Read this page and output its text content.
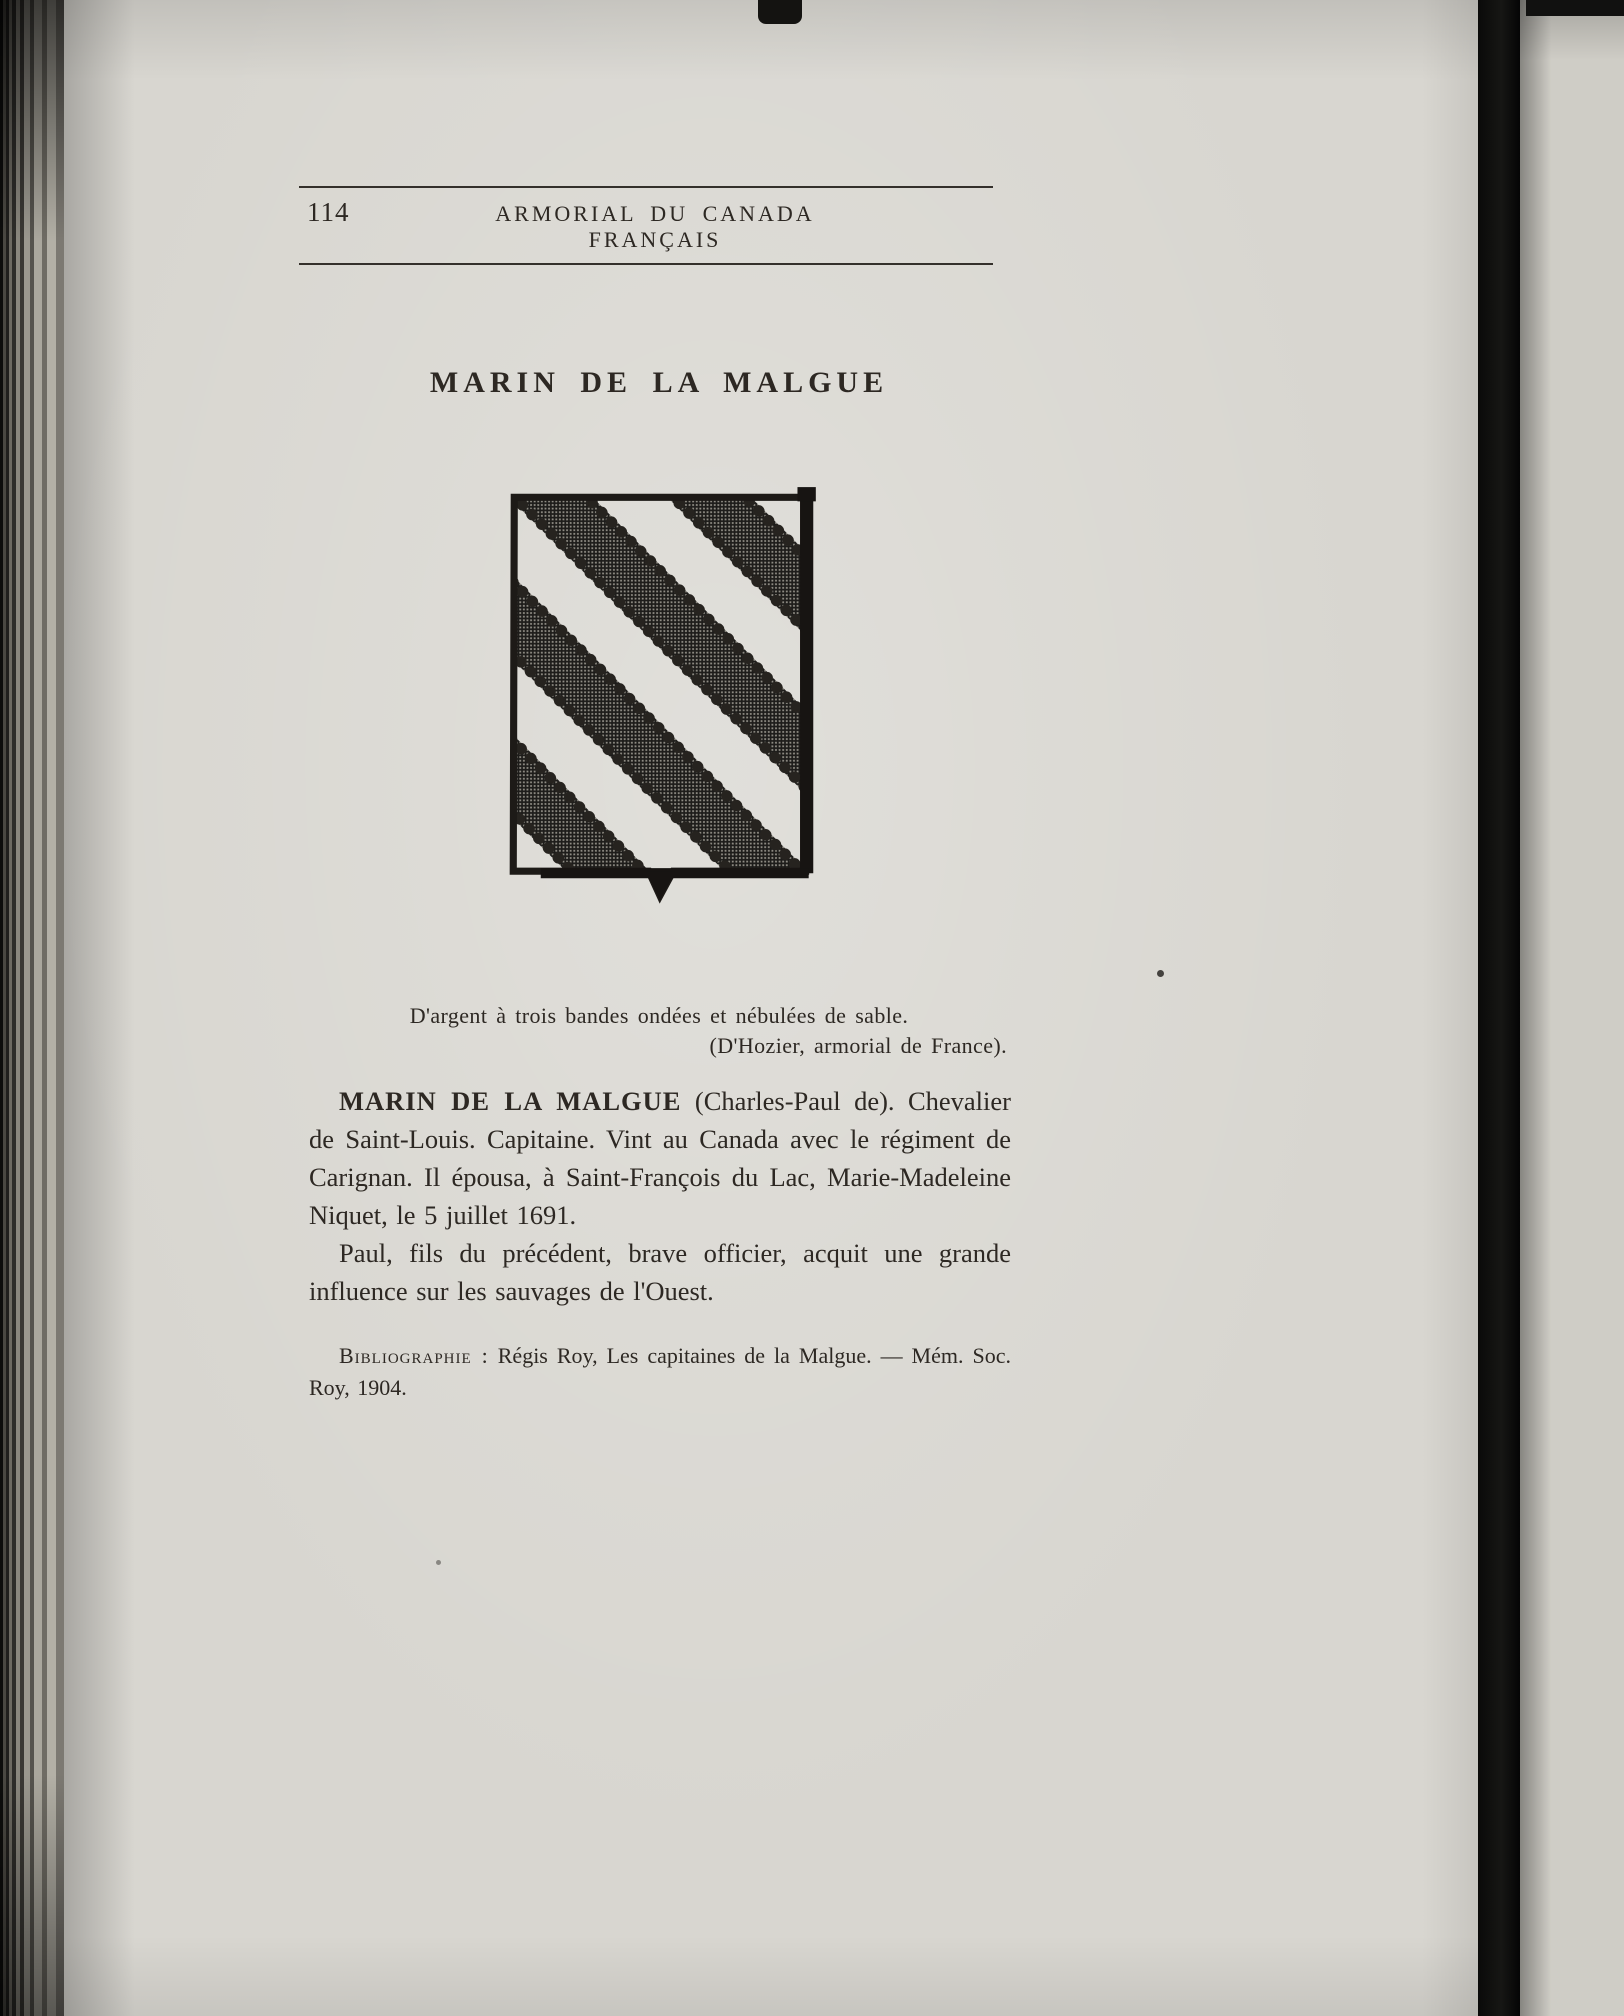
114	ARMORIAL DU CANADA FRANÇAIS
MARIN DE LA MALGUE

D'argent à trois bandes ondées et nébulées de sable.

(D'Hozier, armorial de France).

MARIN DE LA MALGUE (Charles-Paul de). Chevalier de Saint-Louis. Capitaine. Vint au Canada avec le régiment de Carignan. Il épousa, à Saint-François du Lac, Marie-Madeleine Niquet, le 5 juillet 1691.

Paul, fils du précédent, brave officier, acquit une grande influence sur les sauvages de l'Ouest.

Bibliographie : Régis Roy, Les capitaines de la Malgue. — Mém. Soc. Roy, 1904.
